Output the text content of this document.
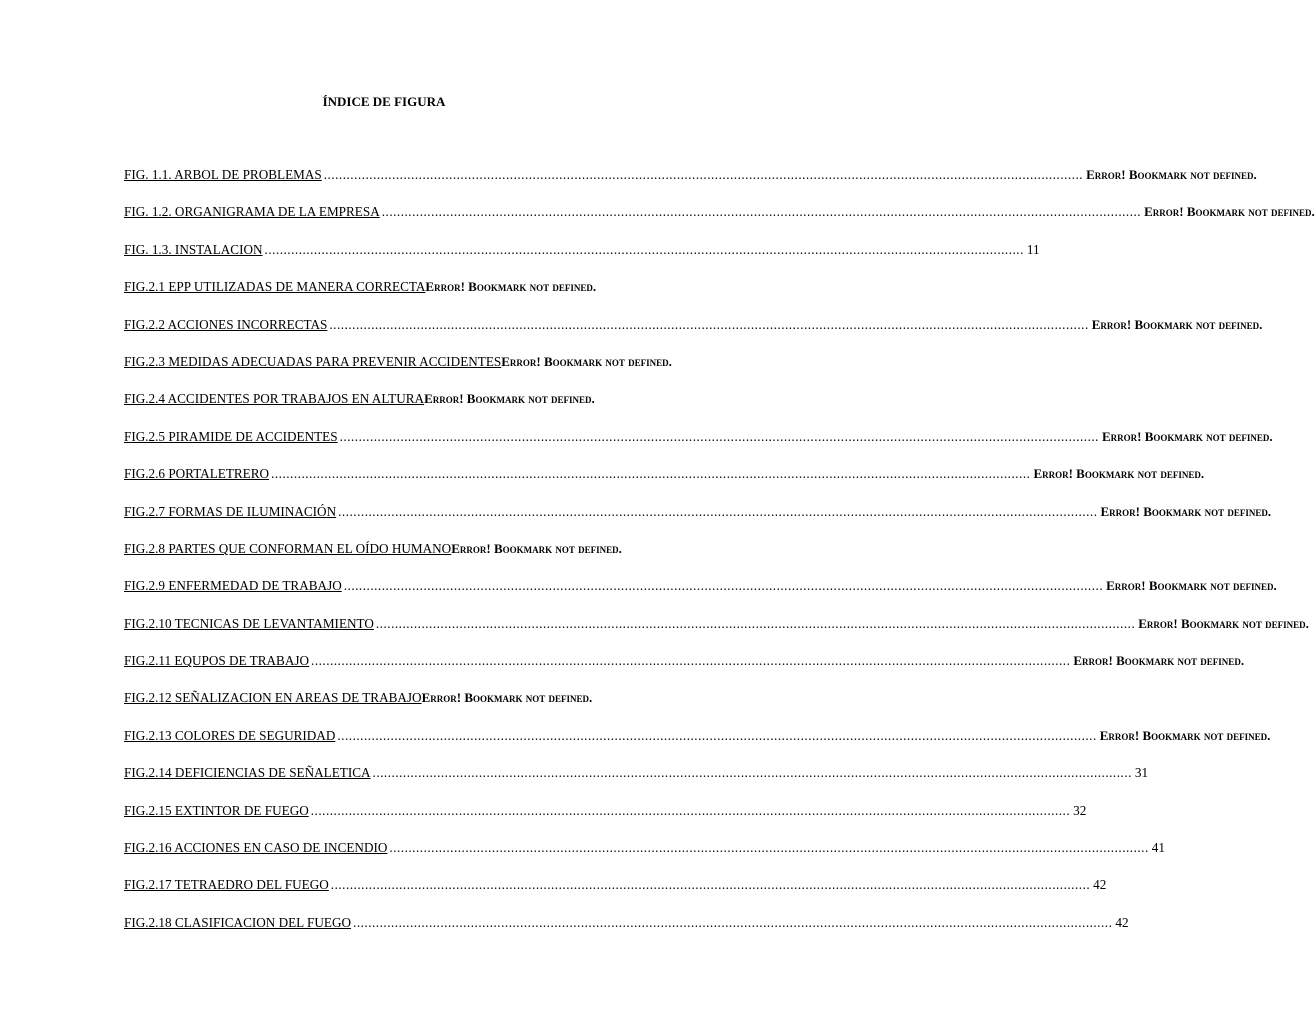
ÍNDICE DE FIGURA
FIG. 1.1. ARBOL DE PROBLEMAS ........................................................................................................................................................................................................ Error! Bookmark not defined.
FIG. 1.2. ORGANIGRAMA DE LA EMPRESA ........................................................................................................................................................................................................ Error! Bookmark not defined.
FIG. 1.3. INSTALACION ........................................................................................................................................................................................................ 11
FIG.2.1 EPP UTILIZADAS DE MANERA CORRECTA Error! Bookmark not defined.
FIG.2.2 ACCIONES INCORRECTAS ........................................................................................................................................................................................................ Error! Bookmark not defined.
FIG.2.3 MEDIDAS ADECUADAS PARA PREVENIR ACCIDENTES Error! Bookmark not defined.
FIG.2.4 ACCIDENTES POR TRABAJOS EN ALTURA Error! Bookmark not defined.
FIG.2.5 PIRAMIDE DE ACCIDENTES ........................................................................................................................................................................................................ Error! Bookmark not defined.
FIG.2.6 PORTALETRERO ........................................................................................................................................................................................................ Error! Bookmark not defined.
FIG.2.7 FORMAS DE ILUMINACIÓN ........................................................................................................................................................................................................ Error! Bookmark not defined.
FIG.2.8 PARTES QUE CONFORMAN EL OÍDO HUMANO Error! Bookmark not defined.
FIG.2.9 ENFERMEDAD DE TRABAJO ........................................................................................................................................................................................................ Error! Bookmark not defined.
FIG.2.10 TECNICAS DE LEVANTAMIENTO ........................................................................................................................................................................................................ Error! Bookmark not defined.
FIG.2.11 EQUPOS DE TRABAJO ........................................................................................................................................................................................................ Error! Bookmark not defined.
FIG.2.12 SEÑALIZACION EN AREAS DE TRABAJO Error! Bookmark not defined.
FIG.2.13 COLORES DE SEGURIDAD ........................................................................................................................................................................................................ Error! Bookmark not defined.
FIG.2.14 DEFICIENCIAS DE SEÑALETICA ........................................................................................................................................................................................................ 31
FIG.2.15 EXTINTOR DE FUEGO ........................................................................................................................................................................................................ 32
FIG.2.16 ACCIONES EN CASO DE INCENDIO ........................................................................................................................................................................................................ 41
FIG.2.17 TETRAEDRO DEL FUEGO ........................................................................................................................................................................................................ 42
FIG.2.18 CLASIFICACION DEL FUEGO ........................................................................................................................................................................................................ 42
